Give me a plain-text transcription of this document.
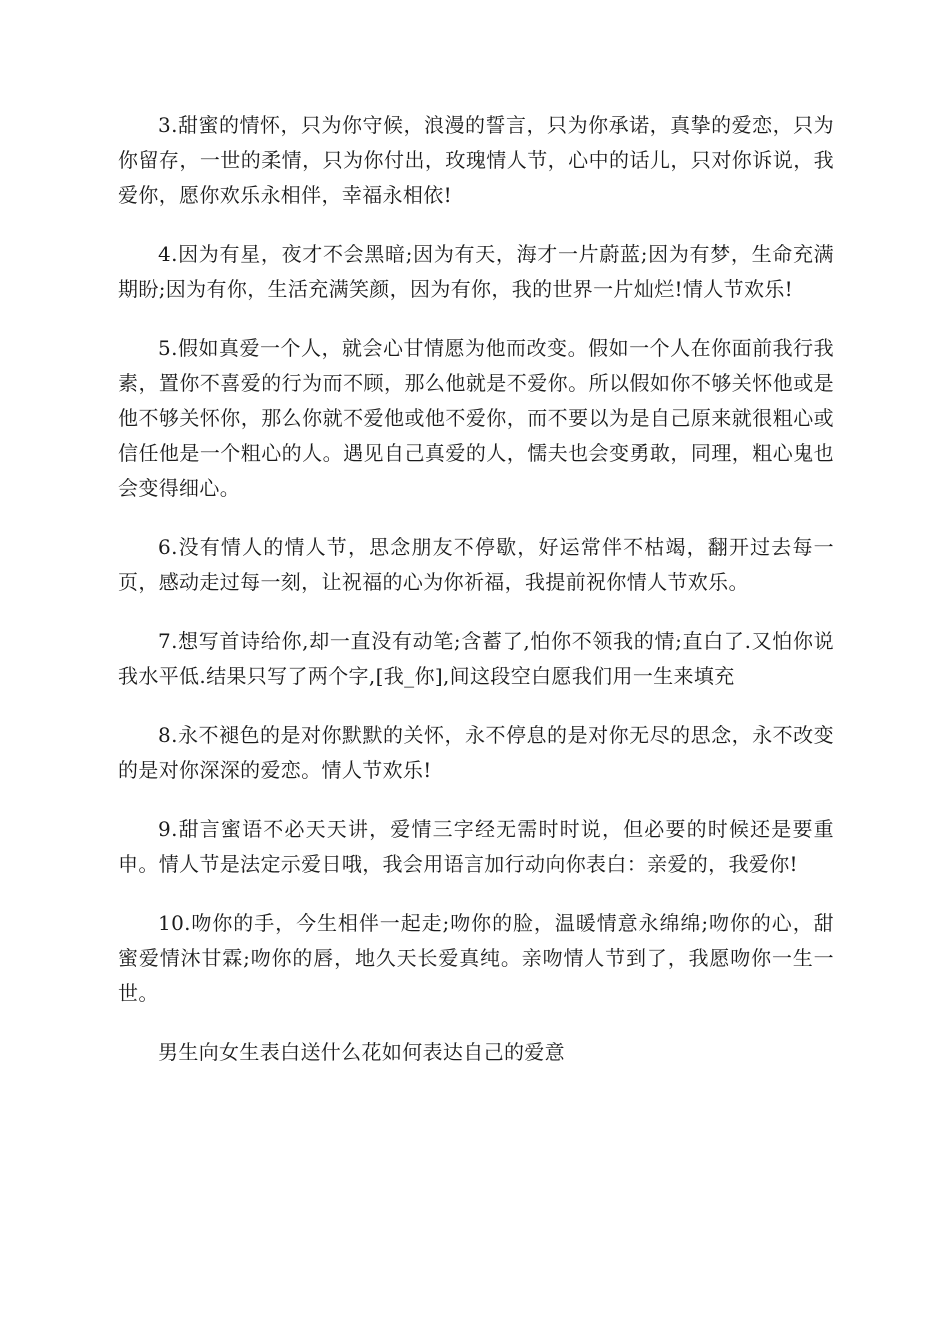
3.甜蜜的情怀，只为你守候，浪漫的誓言，只为你承诺，真挚的爱恋，只为你留存，一世的柔情，只为你付出，玫瑰情人节，心中的话儿，只对你诉说，我爱你，愿你欢乐永相伴，幸福永相依!

4.因为有星，夜才不会黑暗;因为有天，海才一片蔚蓝;因为有梦，生命充满期盼;因为有你，生活充满笑颜，因为有你，我的世界一片灿烂!情人节欢乐!

5.假如真爱一个人，就会心甘情愿为他而改变。假如一个人在你面前我行我素，置你不喜爱的行为而不顾，那么他就是不爱你。所以假如你不够关怀他或是他不够关怀你，那么你就不爱他或他不爱你，而不要以为是自己原来就很粗心或信任他是一个粗心的人。遇见自己真爱的人，懦夫也会变勇敢，同理，粗心鬼也会变得细心。

6.没有情人的情人节，思念朋友不停歇，好运常伴不枯竭，翻开过去每一页，感动走过每一刻，让祝福的心为你祈福，我提前祝你情人节欢乐。

7.想写首诗给你,却一直没有动笔;含蓄了,怕你不领我的情;直白了.又怕你说我水平低.结果只写了两个字,[我_你],间这段空白愿我们用一生来填充

8.永不褪色的是对你默默的关怀，永不停息的是对你无尽的思念，永不改变的是对你深深的爱恋。情人节欢乐!

9.甜言蜜语不必天天讲，爱情三字经无需时时说，但必要的时候还是要重申。情人节是法定示爱日哦，我会用语言加行动向你表白：亲爱的，我爱你!

10.吻你的手，今生相伴一起走;吻你的脸，温暖情意永绵绵;吻你的心，甜蜜爱情沐甘霖;吻你的唇，地久天长爱真纯。亲吻情人节到了，我愿吻你一生一世。

男生向女生表白送什么花如何表达自己的爱意
